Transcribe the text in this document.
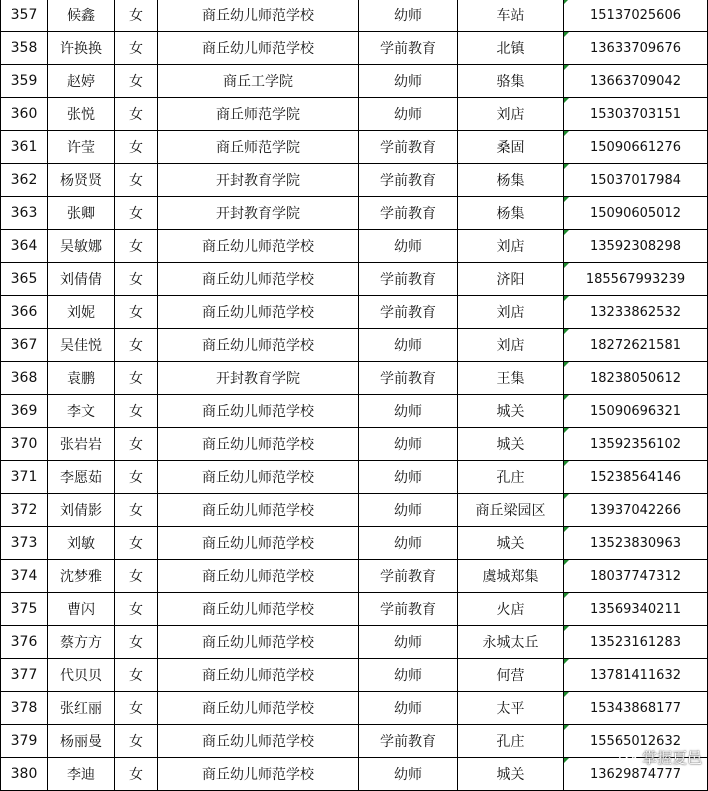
357	候鑫	女	商丘幼儿师范学校	幼师	车站	15137025606
358	许换换	女	商丘幼儿师范学校	学前教育	北镇	13633709676
359	赵婷	女	商丘工学院	幼师	骆集	13663709042
360	张悦	女	商丘师范学院	幼师	刘店	15303703151
361	许莹	女	商丘师范学院	学前教育	桑固	15090661276
362	杨贤贤	女	开封教育学院	学前教育	杨集	15037017984
363	张卿	女	开封教育学院	学前教育	杨集	15090605012
364	吴敏娜	女	商丘幼儿师范学校	幼师	刘店	13592308298
365	刘倩倩	女	商丘幼儿师范学校	学前教育	济阳	185567993239
366	刘妮	女	商丘幼儿师范学校	学前教育	刘店	13233862532
367	吴佳悦	女	商丘幼儿师范学校	幼师	刘店	18272621581
368	袁鹏	女	开封教育学院	学前教育	王集	18238050612
369	李文	女	商丘幼儿师范学校	幼师	城关	15090696321
370	张岩岩	女	商丘幼儿师范学校	幼师	城关	13592356102
371	李愿茹	女	商丘幼儿师范学校	幼师	孔庄	15238564146
372	刘倩影	女	商丘幼儿师范学校	幼师	商丘梁园区	13937042266
373	刘敏	女	商丘幼儿师范学校	幼师	城关	13523830963
374	沈梦雅	女	商丘幼儿师范学校	学前教育	虞城郑集	18037747312
375	曹闪	女	商丘幼儿师范学校	学前教育	火店	13569340211
376	蔡方方	女	商丘幼儿师范学校	幼师	永城太丘	13523161283
377	代贝贝	女	商丘幼儿师范学校	幼师	何营	13781411632
378	张红丽	女	商丘幼儿师范学校	幼师	太平	15343868177
379	杨丽曼	女	商丘幼儿师范学校	学前教育	孔庄	15565012632
380	李迪	女	商丘幼儿师范学校	幼师	城关	13629874777
掌握夏邑
